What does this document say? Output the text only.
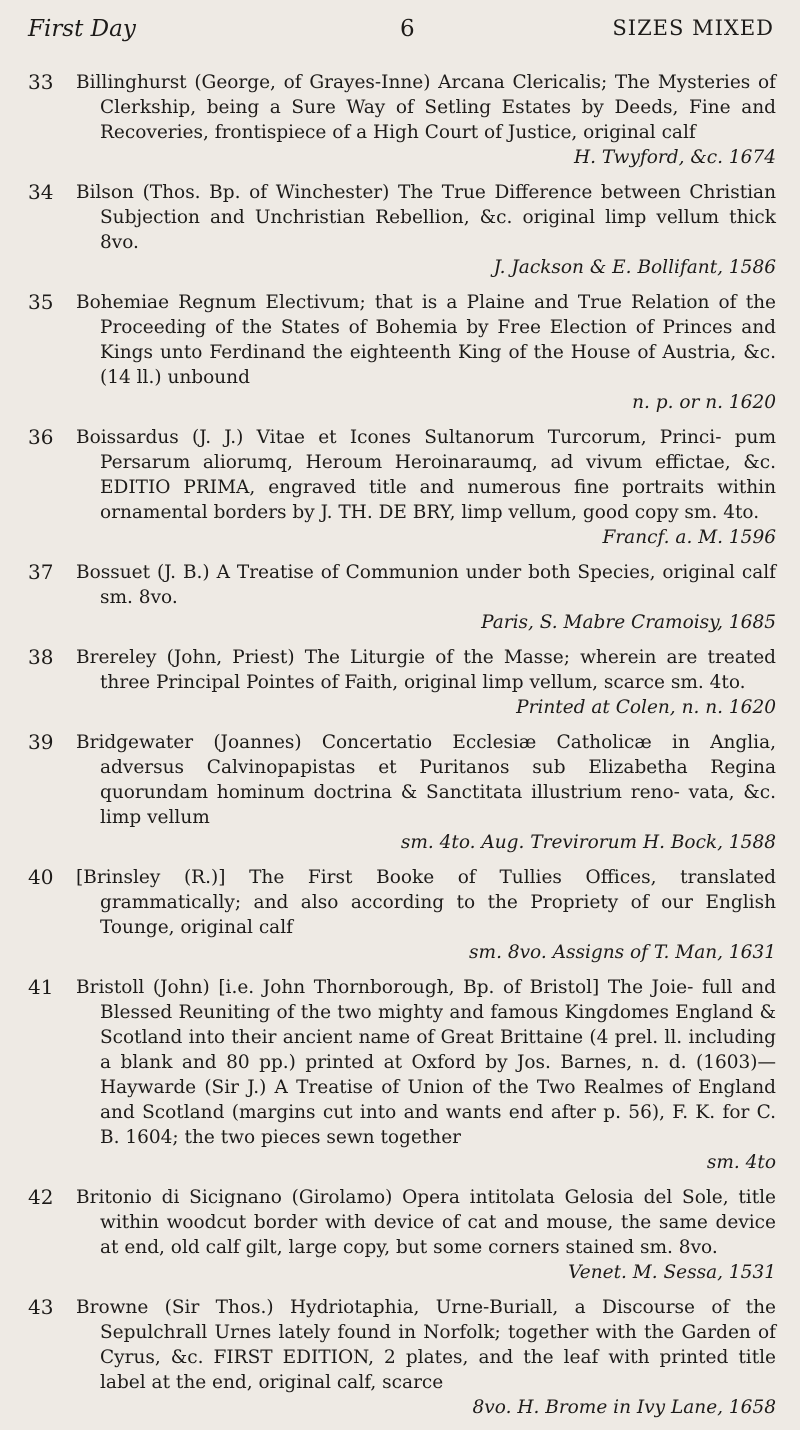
First Day	6	SIZES MIXED
33	Billinghurst (George, of Grayes-Inne) Arcana Clericalis; The Mysteries of Clerkship, being a Sure Way of Setling Estates by Deeds, Fine and Recoveries, frontispiece of a High Court of Justice, original calf
H. Twyford, &c. 1674
34	Bilson (Thos. Bp. of Winchester) The True Difference between Christian Subjection and Unchristian Rebellion, &c. original limp vellum thick 8vo.
J. Jackson & E. Bollifant, 1586
35	Bohemiae Regnum Electivum; that is a Plaine and True Relation of the Proceeding of the States of Bohemia by Free Election of Princes and Kings unto Ferdinand the eighteenth King of the House of Austria, &c. (14 ll.) unbound
n. p. or n. 1620
36	Boissardus (J. J.) Vitae et Icones Sultanorum Turcorum, Princi- pum Persarum aliorumq, Heroum Heroinaraumq, ad vivum effictae, &c. EDITIO PRIMA, engraved title and numerous fine portraits within ornamental borders by J. TH. DE BRY, limp vellum, good copy sm. 4to.
Francf. a. M. 1596
37	Bossuet (J. B.) A Treatise of Communion under both Species, original calf sm. 8vo.
Paris, S. Mabre Cramoisy, 1685
38	Brereley (John, Priest) The Liturgie of the Masse; wherein are treated three Principal Pointes of Faith, original limp vellum, scarce sm. 4to.
Printed at Colen, n. n. 1620
39	Bridgewater (Joannes) Concertatio Ecclesiæ Catholicæ in Anglia, adversus Calvinopapistas et Puritanos sub Elizabetha Regina quorundam hominum doctrina & Sanctitata illustrium reno- vata, &c. limp vellum
sm. 4to. Aug. Trevirorum H. Bock, 1588
40	[Brinsley (R.)] The First Booke of Tullies Offices, translated grammatically; and also according to the Propriety of our English Tounge, original calf
sm. 8vo. Assigns of T. Man, 1631
41	Bristoll (John) [i.e. John Thornborough, Bp. of Bristol] The Joie- full and Blessed Reuniting of the two mighty and famous Kingdomes England & Scotland into their ancient name of Great Brittaine (4 prel. ll. including a blank and 80 pp.) printed at Oxford by Jos. Barnes, n. d. (1603)—Haywarde (Sir J.) A Treatise of Union of the Two Realmes of England and Scotland (margins cut into and wants end after p. 56), F. K. for C. B. 1604; the two pieces sewn together
sm. 4to
42	Britonio di Sicignano (Girolamo) Opera intitolata Gelosia del Sole, title within woodcut border with device of cat and mouse, the same device at end, old calf gilt, large copy, but some corners stained sm. 8vo.
Venet. M. Sessa, 1531
43	Browne (Sir Thos.) Hydriotaphia, Urne-Buriall, a Discourse of the Sepulchrall Urnes lately found in Norfolk; together with the Garden of Cyrus, &c. FIRST EDITION, 2 plates, and the leaf with printed title label at the end, original calf, scarce
8vo. H. Brome in Ivy Lane, 1658
